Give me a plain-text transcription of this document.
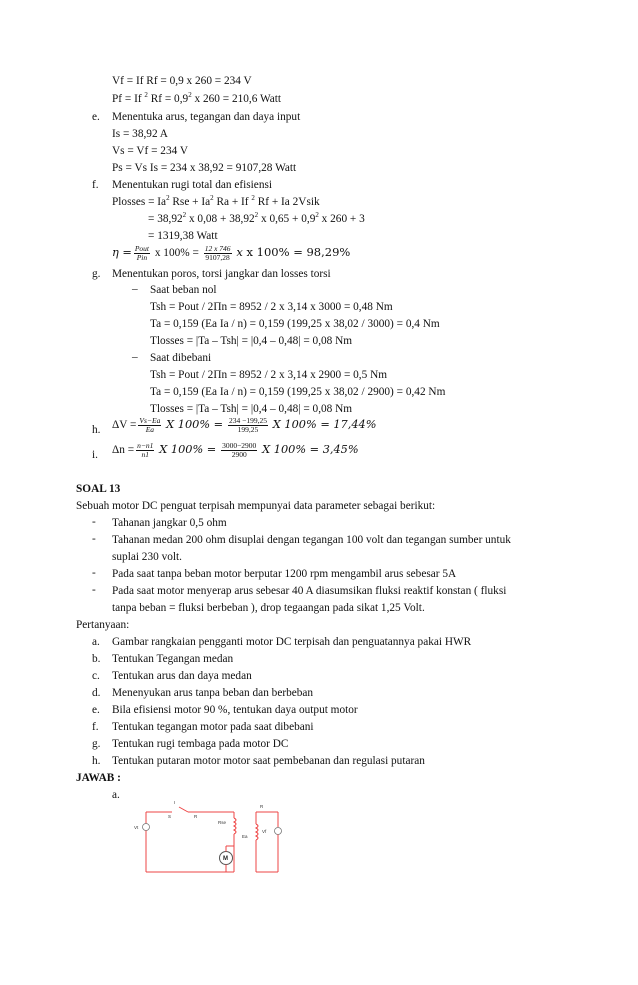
Vf = If Rf = 0,9 x 260 = 234 V
Pf = If $^2$ $Rf = 0,9^2$ x 260 = 210,6 Watt
e. Menentuka arus, tegangan dan daya input
Is = 38,92 A
Vs = Vf = 234 V
Ps = Vs Is = 234 x 38,92 = 9107,28 Watt
f. Menentukan rugi total dan efisiensi
Plosses = $Ia^2$ Rse + $Ia^2$ Ra + If $^2$ Rf + Ia 2Vsik
= $38,92^2$ x $0,08 + 38,92^2$ x $0,65 + 0,9^2$ x 260 + 3
= 1319,38 Watt
$\eta = \frac{\text{Pout}}{\text{Pin}}$ x $100\% = \frac{12 x 746}{9107,28}$ x x 100% = 98,29%
g. Menentukan poros, torsi jangkar dan losses torsi
– Saat beban nol
Tsh = Pout / 2Πn = 8952 / 2 x 3,14 x 3000 = 0,48 Nm
Ta = 0,159 (Ea Ia / n) = 0,159 (199,25 x 38,02 / 3000) = 0,4 Nm
Tlosses = |Ta – Tsh| = |0,4 – 0,48| = 0,08 Nm
– Saat dibebani
Tsh = Pout / 2Πn = 8952 / 2 x 3,14 x 2900 = 0,5 Nm
Ta = 0,159 (Ea Ia / n) = 0,159 (199,25 x 38,02 / 2900) = 0,42 Nm
Tlosses = |Ta – Tsh| = |0,4 – 0,48| = 0,08 Nm
h. $\Delta V = \frac{Vs-Ea}{Ea}$ X $100\% = \frac{234 -199,25}{199,25}$ X 100% = 17,44%
i. $\Delta n = \frac{n-n1}{n1}$ X $100\% = \frac{3000-2900}{2900}$ X 100% = 3,45%
SOAL 13
Sebuah motor DC penguat terpisah mempunyai data parameter sebagai berikut:
- Tahanan jangkar 0,5 ohm
- Tahanan medan 200 ohm disuplai dengan tegangan 100 volt dan tegangan sumber untuk
suplai 230 volt.
- Pada saat tanpa beban motor berputar 1200 rpm mengambil arus sebesar 5A
- Pada saat motor menyerap arus sebesar 40 A diasumsikan fluksi reaktif konstan ( fluksi
tanpa beban = fluksi berbeban ), drop tegaangan pada sikat 1,25 Volt.
Pertanyaan:
a. Gambar rangkaian pengganti motor DC terpisah dan penguatannya pakai HWR
b. Tentukan Tegangan medan
c. Tentukan arus dan daya medan
d. Menenyukan arus tanpa beban dan berbeban
e. Bila efisiensi motor 90 %, tentukan daya output motor
f. Tentukan tegangan motor pada saat dibebani
g. Tentukan rugi tembaga pada motor DC
h. Tentukan putaran motor motor saat pembebanan dan regulasi putaran
JAWAB :
a.
Vt
I
S	R
Rse
Ea
M
Vf
R
